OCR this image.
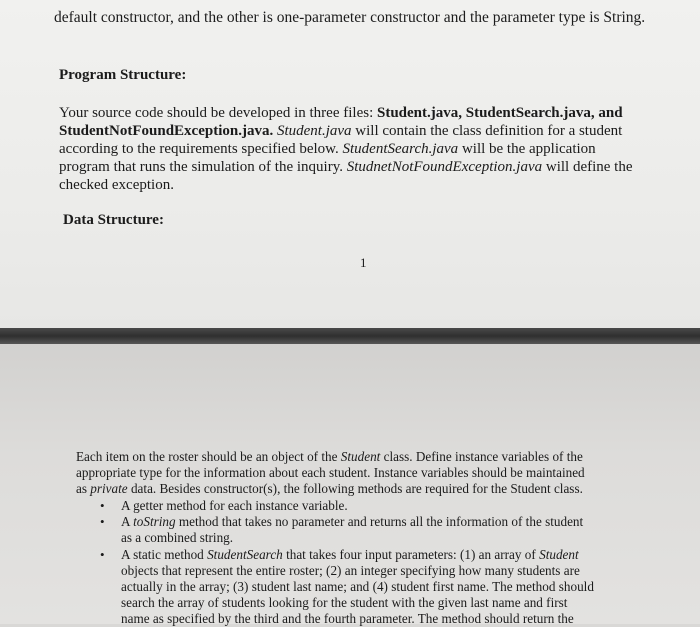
default constructor, and the other is one-parameter constructor and the parameter type is String.
Program Structure:
Your source code should be developed in three files: Student.java, StudentSearch.java, and
StudentNotFoundException.java. Student.java will contain the class definition for a student
according to the requirements specified below. StudentSearch.java will be the application
program that runs the simulation of the inquiry. StudnetNotFoundException.java will define the
checked exception.
Data Structure:
1
Each item on the roster should be an object of the Student class. Define instance variables of the
appropriate type for the information about each student. Instance variables should be maintained
as private data. Besides constructor(s), the following methods are required for the Student class.
• A getter method for each instance variable.
• A toString method that takes no parameter and returns all the information of the student
as a combined string.
• A static method StudentSearch that takes four input parameters: (1) an array of Student
objects that represent the entire roster; (2) an integer specifying how many students are
actually in the array; (3) student last name; and (4) student first name. The method should
search the array of students looking for the student with the given last name and first
name as specified by the third and the fourth parameter. The method should return the
